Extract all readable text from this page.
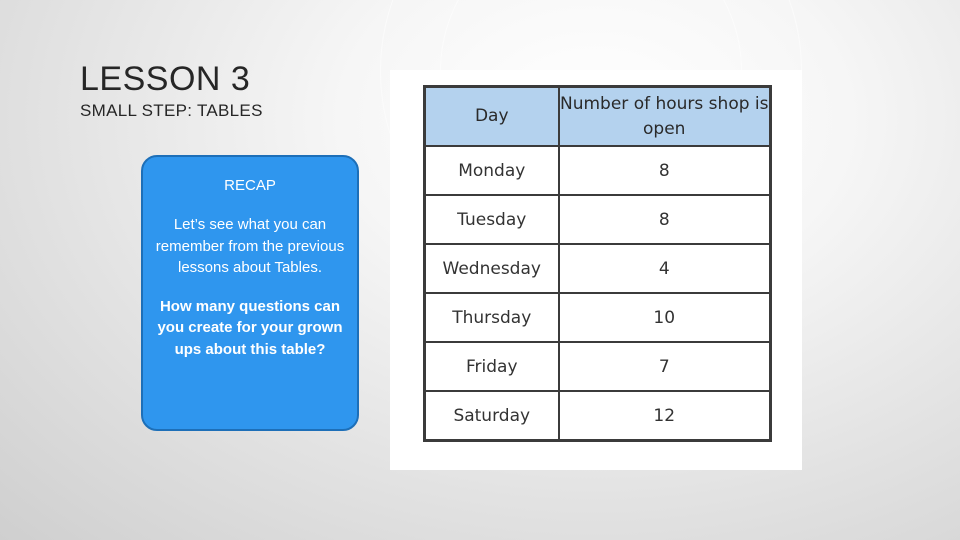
LESSON 3
SMALL STEP: TABLES

RECAP

Let’s see what you can remember from the previous lessons about Tables.

How many questions can you create for your grown ups about this table?

Day	Number of hours shop is open
Monday	8
Tuesday	8
Wednesday	4
Thursday	10
Friday	7
Saturday	12
